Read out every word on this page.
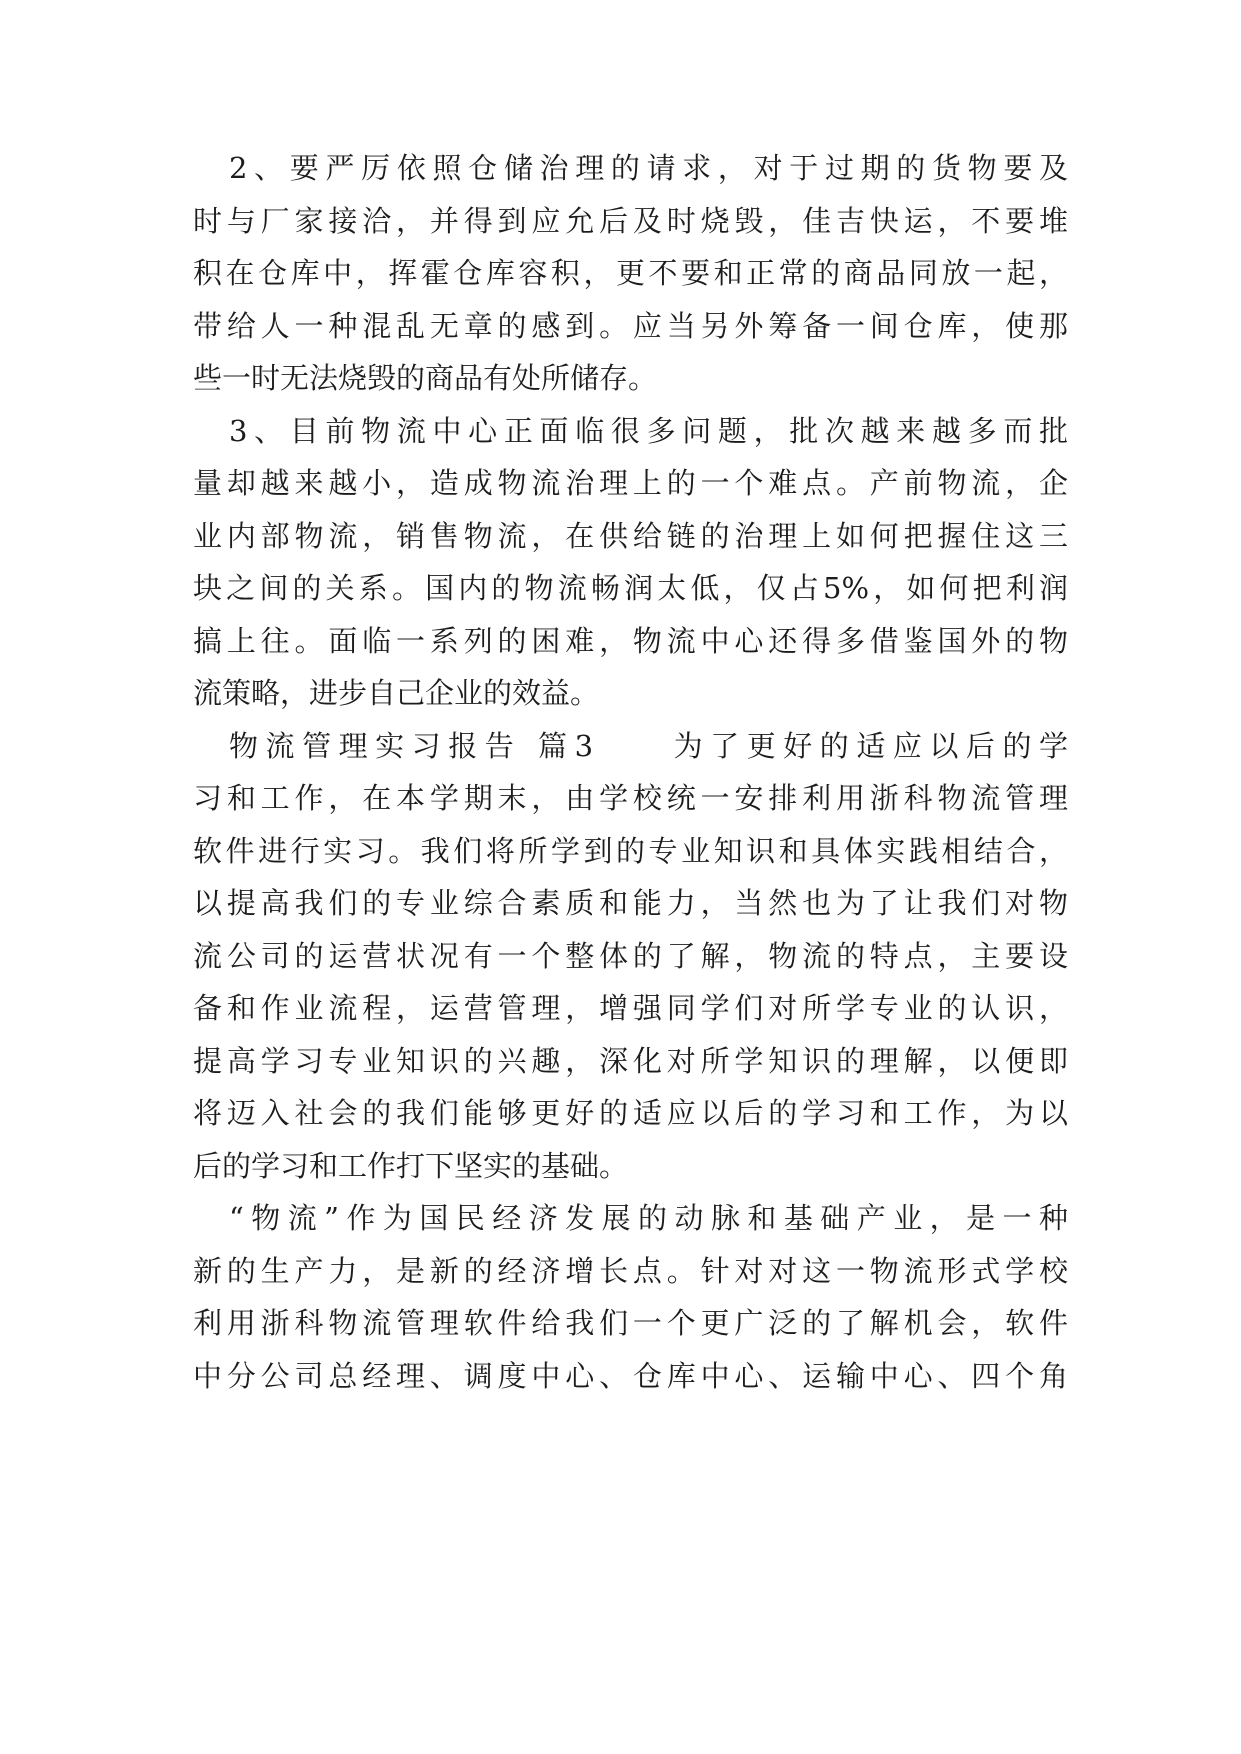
2、要严厉依照仓储治理的请求，对于过期的货物要及
时与厂家接洽，并得到应允后及时烧毁，佳吉快运，不要堆
积在仓库中，挥霍仓库容积，更不要和正常的商品同放一起，
带给人一种混乱无章的感到。应当另外筹备一间仓库，使那
些一时无法烧毁的商品有处所储存。
3、目前物流中心正面临很多问题，批次越来越多而批
量却越来越小，造成物流治理上的一个难点。产前物流，企
业内部物流，销售物流，在供给链的治理上如何把握住这三
块之间的关系。国内的物流畅润太低，仅占5%，如何把利润
搞上往。面临一系列的困难，物流中心还得多借鉴国外的物
流策略，进步自己企业的效益。
物流管理实习报告 篇3　　为了更好的适应以后的学
习和工作，在本学期末，由学校统一安排利用浙科物流管理
软件进行实习。我们将所学到的专业知识和具体实践相结合，
以提高我们的专业综合素质和能力，当然也为了让我们对物
流公司的运营状况有一个整体的了解，物流的特点，主要设
备和作业流程，运营管理，增强同学们对所学专业的认识，
提高学习专业知识的兴趣，深化对所学知识的理解，以便即
将迈入社会的我们能够更好的适应以后的学习和工作，为以
后的学习和工作打下坚实的基础。
“物流”作为国民经济发展的动脉和基础产业，是一种
新的生产力，是新的经济增长点。针对对这一物流形式学校
利用浙科物流管理软件给我们一个更广泛的了解机会，软件
中分公司总经理、调度中心、仓库中心、运输中心、四个角
